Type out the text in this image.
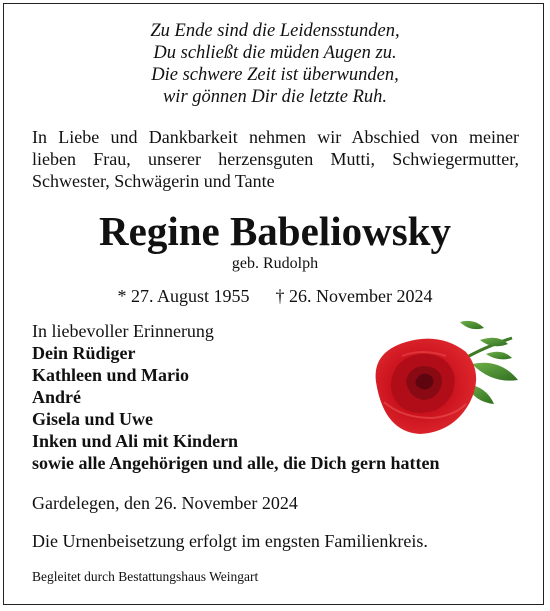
Zu Ende sind die Leidensstunden,
Du schließt die müden Augen zu.
Die schwere Zeit ist überwunden,
wir gönnen Dir die letzte Ruh.
In Liebe und Dankbarkeit nehmen wir Abschied von meiner
lieben Frau, unserer herzensguten Mutti, Schwiegermutter,
Schwester, Schwägerin und Tante
Regine Babeliowsky
geb. Rudolph
* 27. August 1955 † 26. November 2024
In liebevoller Erinnerung
Dein Rüdiger
Kathleen und Mario
André
Gisela und Uwe
Inken und Ali mit Kindern
sowie alle Angehörigen und alle, die Dich gern hatten
Gardelegen, den 26. November 2024
Die Urnenbeisetzung erfolgt im engsten Familienkreis.
Begleitet durch Bestattungshaus Weingart
